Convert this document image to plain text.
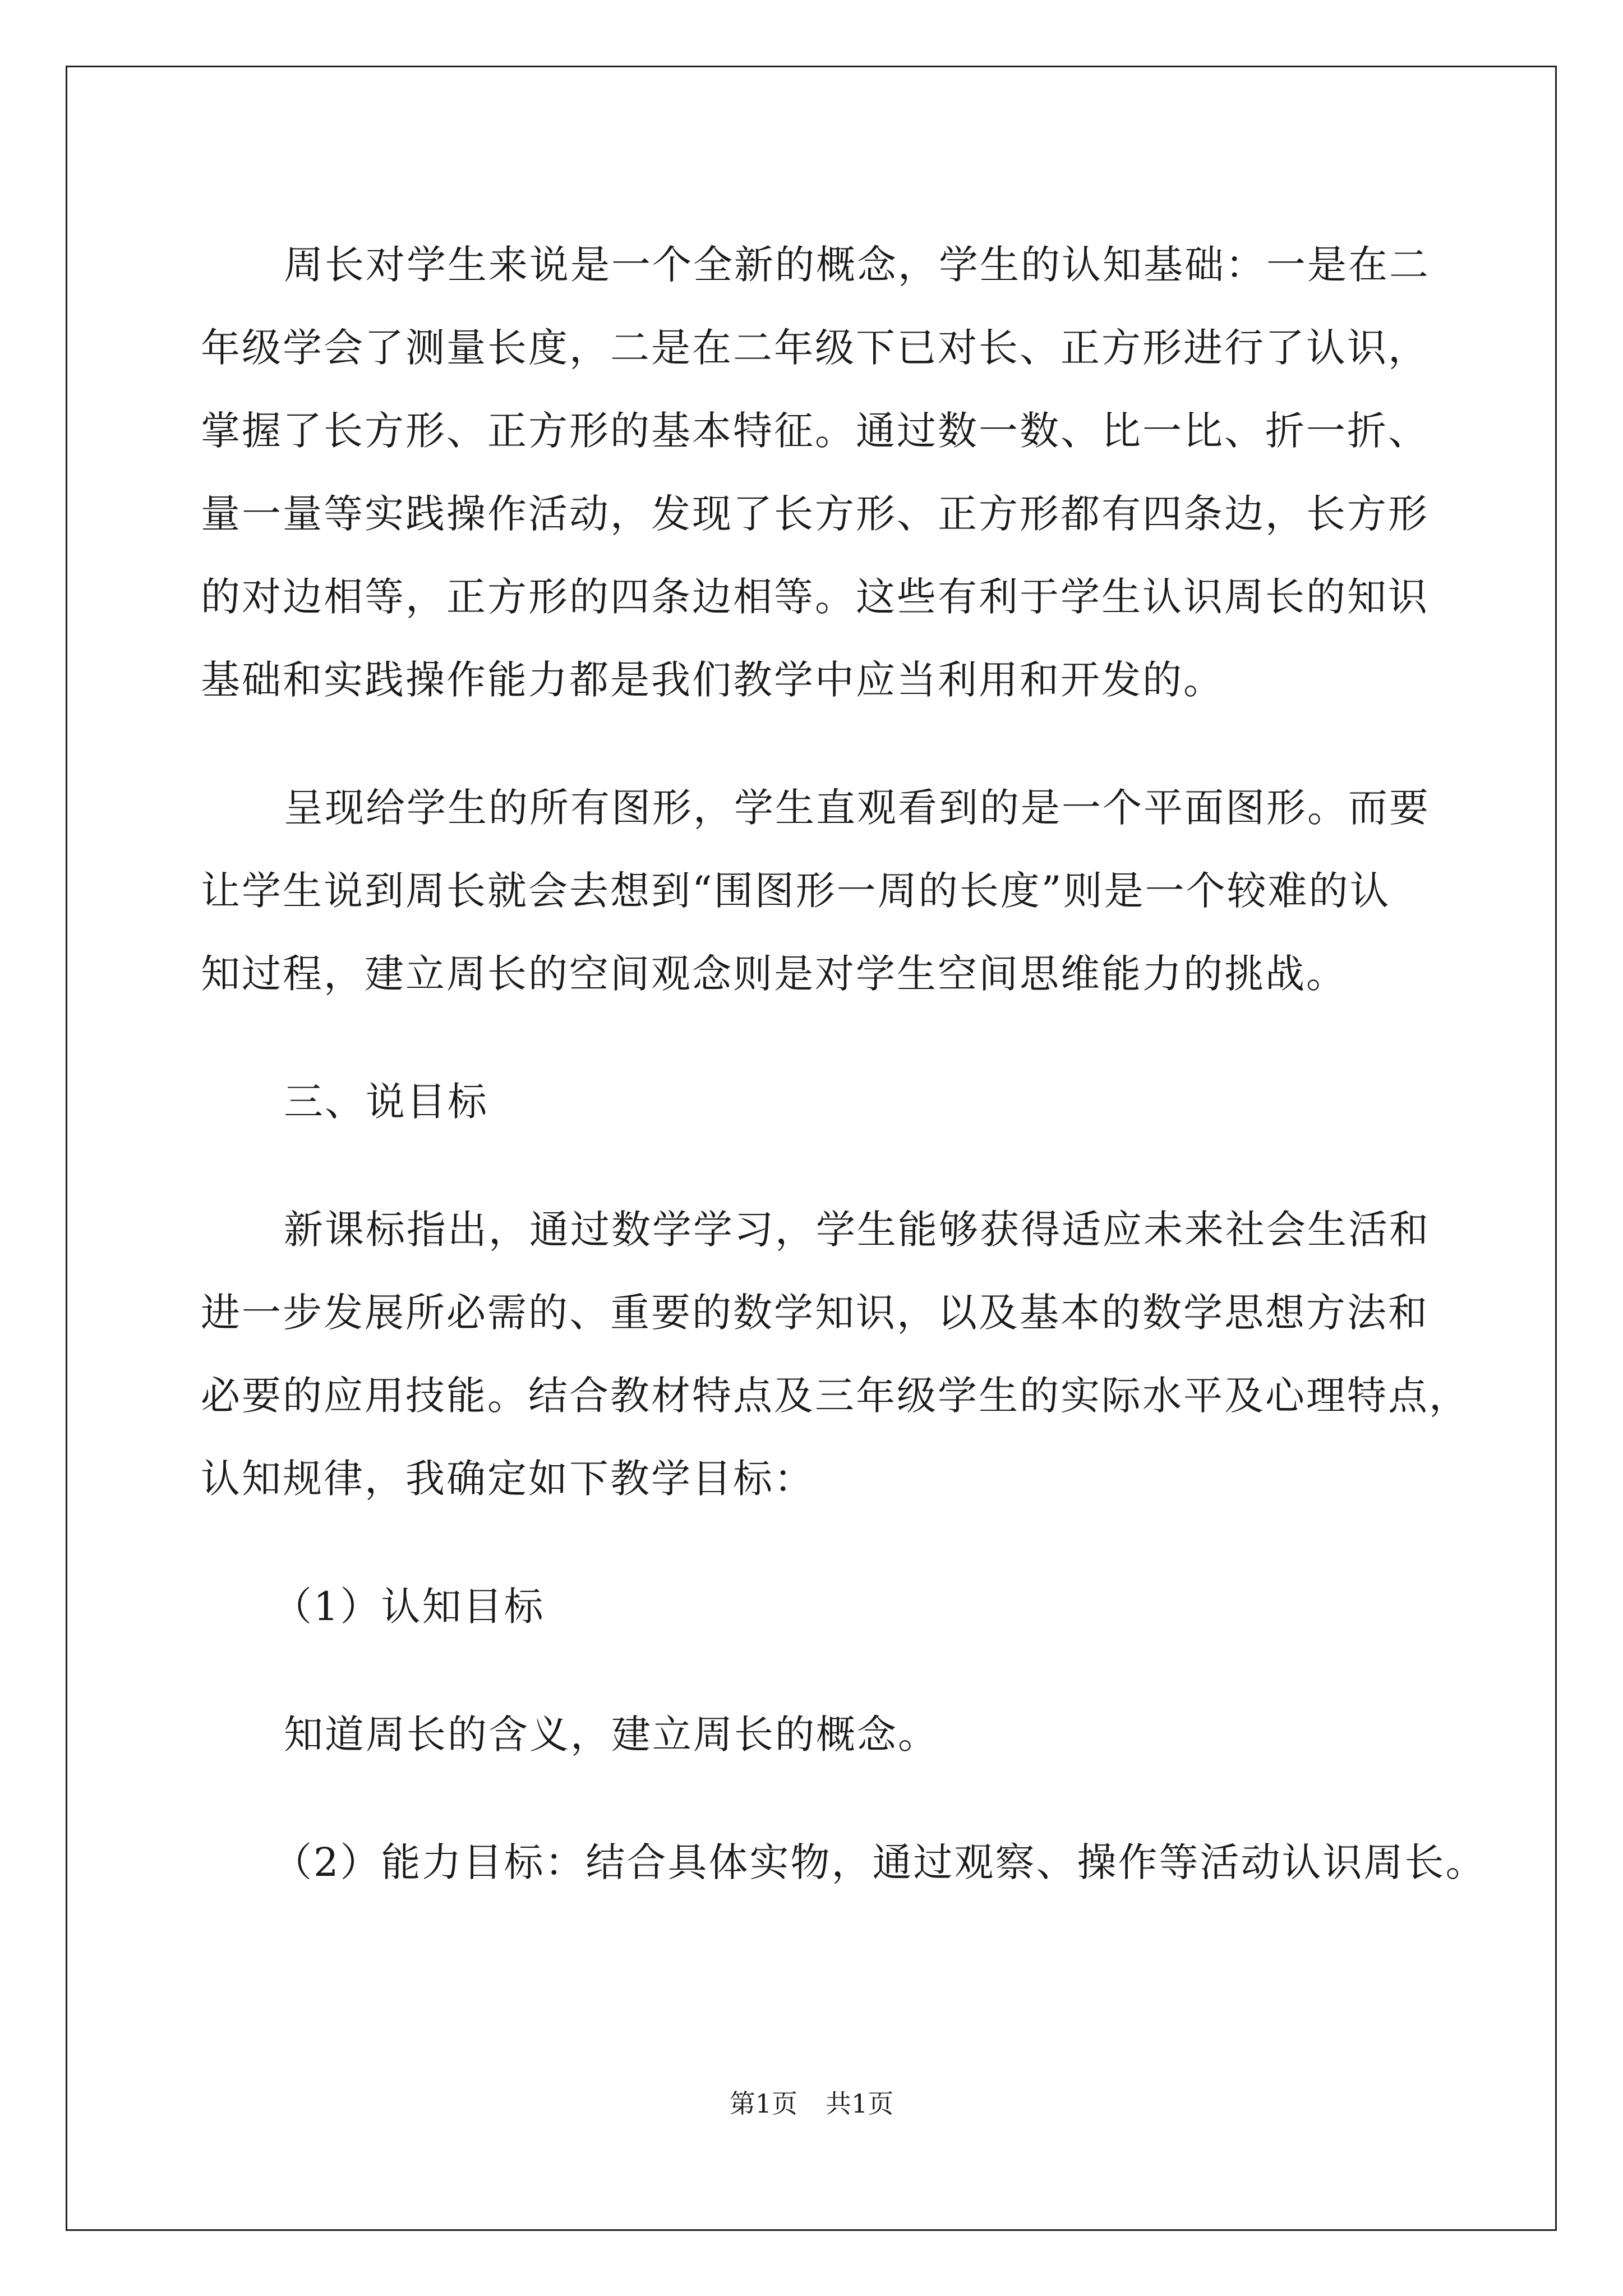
周长对学生来说是一个全新的概念，学生的认知基础：一是在二
年级学会了测量长度，二是在二年级下已对长、正方形进行了认识，
掌握了长方形、正方形的基本特征。通过数一数、比一比、折一折、
量一量等实践操作活动，发现了长方形、正方形都有四条边，长方形
的对边相等，正方形的四条边相等。这些有利于学生认识周长的知识
基础和实践操作能力都是我们教学中应当利用和开发的。
呈现给学生的所有图形，学生直观看到的是一个平面图形。而要
让学生说到周长就会去想到“围图形一周的长度”则是一个较难的认
知过程，建立周长的空间观念则是对学生空间思维能力的挑战。
三、说目标
新课标指出，通过数学学习，学生能够获得适应未来社会生活和
进一步发展所必需的、重要的数学知识，以及基本的数学思想方法和
必要的应用技能。结合教材特点及三年级学生的实际水平及心理特点，
认知规律，我确定如下教学目标：
（1）认知目标
知道周长的含义，建立周长的概念。
（2）能力目标：结合具体实物，通过观察、操作等活动认识周长。
第1页 共1页
